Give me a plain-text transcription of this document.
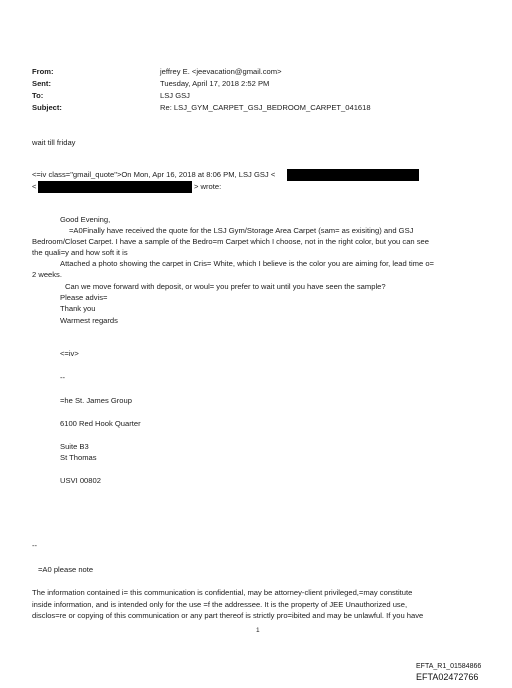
From:	jeffrey E. <jeevacation@gmail.com>
Sent:	Tuesday, April 17, 2018 2:52 PM
To:	LSJ GSJ
Subject:	Re: LSJ_GYM_CARPET_GSJ_BEDROOM_CARPET_041618
wait till friday
<=iv class="gmail_quote">On Mon, Apr 16, 2018 at 8:06 PM, LSJ GSJ <
<	> wrote:
Good Evening,
=A0Finally have received the quote for the LSJ Gym/Storage Area Carpet (sam= as exisiting) and GSJ
Bedroom/Closet Carpet. I have a sample of the Bedro=m Carpet which I choose, not in the right color, but you can see
the quali=y and how soft it is
Attached a photo showing the carpet in Cris= White, which I believe is the color you are aiming for, lead time o=
2 weeks.
Can we move forward with deposit, or woul= you prefer to wait until you have seen the sample?
Please advis=
Thank you
Warmest regards
<=iv>
--
=he St. James Group
6100 Red Hook Quarter
Suite B3
St Thomas
USVI 00802
--
=A0 please note
The information contained i= this communication is confidential, may be attorney-client privileged,=may constitute
inside information, and is intended only for the use =f the addressee. It is the property of JEE Unauthorized use,
disclos=re or copying of this communication or any part thereof is strictly pro=ibited and may be unlawful. If you have
1
EFTA_R1_01584866
EFTA02472766
